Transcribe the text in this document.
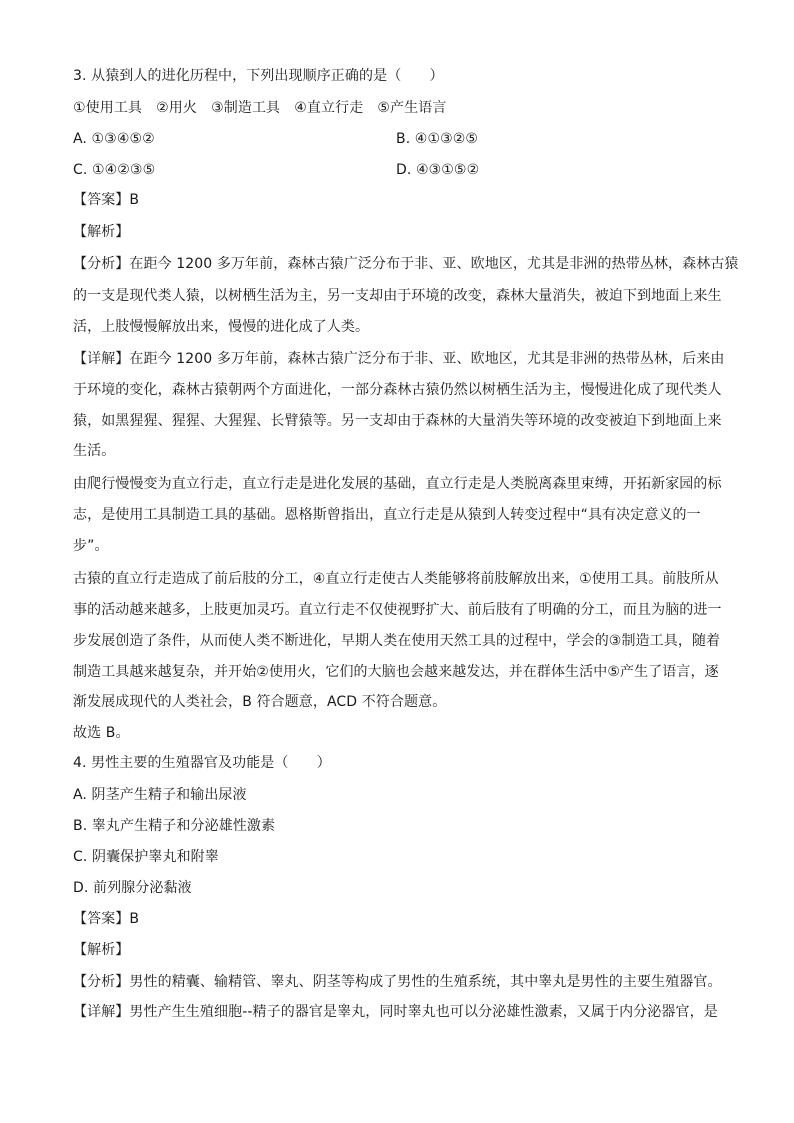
3. 从猿到人的进化历程中，下列出现顺序正确的是（　　）
①使用工具　②用火　③制造工具　④直立行走　⑤产生语言
A. ①③④⑤②	B. ④①③②⑤
C. ①④②③⑤	D. ④③①⑤②
【答案】B
【解析】
【分析】在距今 1200 多万年前，森林古猿广泛分布于非、亚、欧地区，尤其是非洲的热带丛林，森林古猿
的一支是现代类人猿，以树栖生活为主，另一支却由于环境的改变，森林大量消失，被迫下到地面上来生
活，上肢慢慢解放出来，慢慢的进化成了人类。
【详解】在距今 1200 多万年前，森林古猿广泛分布于非、亚、欧地区，尤其是非洲的热带丛林，后来由
于环境的变化，森林古猿朝两个方面进化，一部分森林古猿仍然以树栖生活为主，慢慢进化成了现代类人
猿，如黑猩猩、猩猩、大猩猩、长臂猿等。另一支却由于森林的大量消失等环境的改变被迫下到地面上来
生活。
由爬行慢慢变为直立行走，直立行走是进化发展的基础，直立行走是人类脱离森里束缚，开拓新家园的标
志，是使用工具制造工具的基础。恩格斯曾指出，直立行走是从猿到人转变过程中“具有决定意义的一
步”。
古猿的直立行走造成了前后肢的分工，④直立行走使古人类能够将前肢解放出来，①使用工具。前肢所从
事的活动越来越多，上肢更加灵巧。直立行走不仅使视野扩大、前后肢有了明确的分工，而且为脑的进一
步发展创造了条件，从而使人类不断进化，早期人类在使用天然工具的过程中，学会的③制造工具，随着
制造工具越来越复杂，并开始②使用火，它们的大脑也会越来越发达，并在群体生活中⑤产生了语言，逐
渐发展成现代的人类社会，B 符合题意，ACD 不符合题意。
故选 B。
4. 男性主要的生殖器官及功能是（　　）
A. 阴茎产生精子和输出尿液
B. 睾丸产生精子和分泌雄性激素
C. 阴囊保护睾丸和附睾
D. 前列腺分泌黏液
【答案】B
【解析】
【分析】男性的精囊、输精管、睾丸、阴茎等构成了男性的生殖系统，其中睾丸是男性的主要生殖器官。
【详解】男性产生生殖细胞--精子的器官是睾丸，同时睾丸也可以分泌雄性激素，又属于内分泌器官，是
